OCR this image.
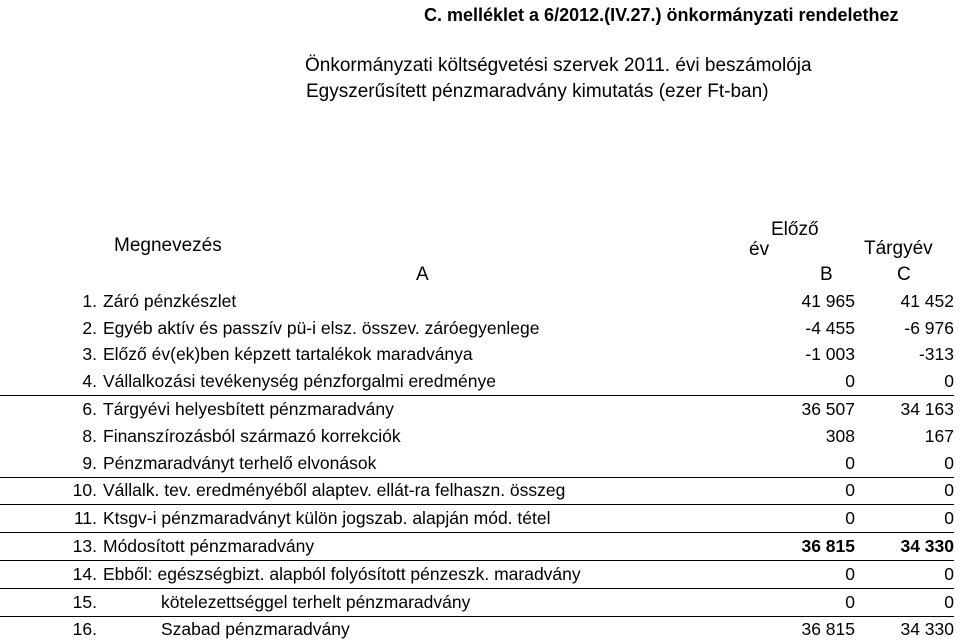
C. melléklet a 6/2012.(IV.27.) önkormányzati rendelethez
Önkormányzati költségvetési szervek 2011. évi beszámolója
Egyszerűsített pénzmaradvány kimutatás (ezer Ft-ban)
Megnevezés
Előző
év	Tárgyév
A	B	C
1.	Záró pénzkészlet	41 965	41 452
2.	Egyéb aktív és passzív pü-i elsz. összev. záróegyenlege	-4 455	-6 976
3.	Előző év(ek)ben képzett tartalékok maradványa	-1 003	-313
4.	Vállalkozási tevékenység pénzforgalmi eredménye	0	0
6.	Tárgyévi helyesbített pénzmaradvány	36 507	34 163
8.	Finanszírozásból származó korrekciók	308	167
9.	Pénzmaradványt terhelő elvonások	0	0
10.	Vállalk. tev. eredményéből alaptev. ellát-ra felhaszn. összeg	0	0
11.	Ktsgv-i pénzmaradványt külön jogszab. alapján mód. tétel	0	0
13.	Módosított pénzmaradvány	36 815	34 330
14.	Ebből: egészségbizt. alapból folyósított pénzeszk. maradvány	0	0
15.	kötelezettséggel terhelt pénzmaradvány	0	0
16.	Szabad pénzmaradvány	36 815	34 330
